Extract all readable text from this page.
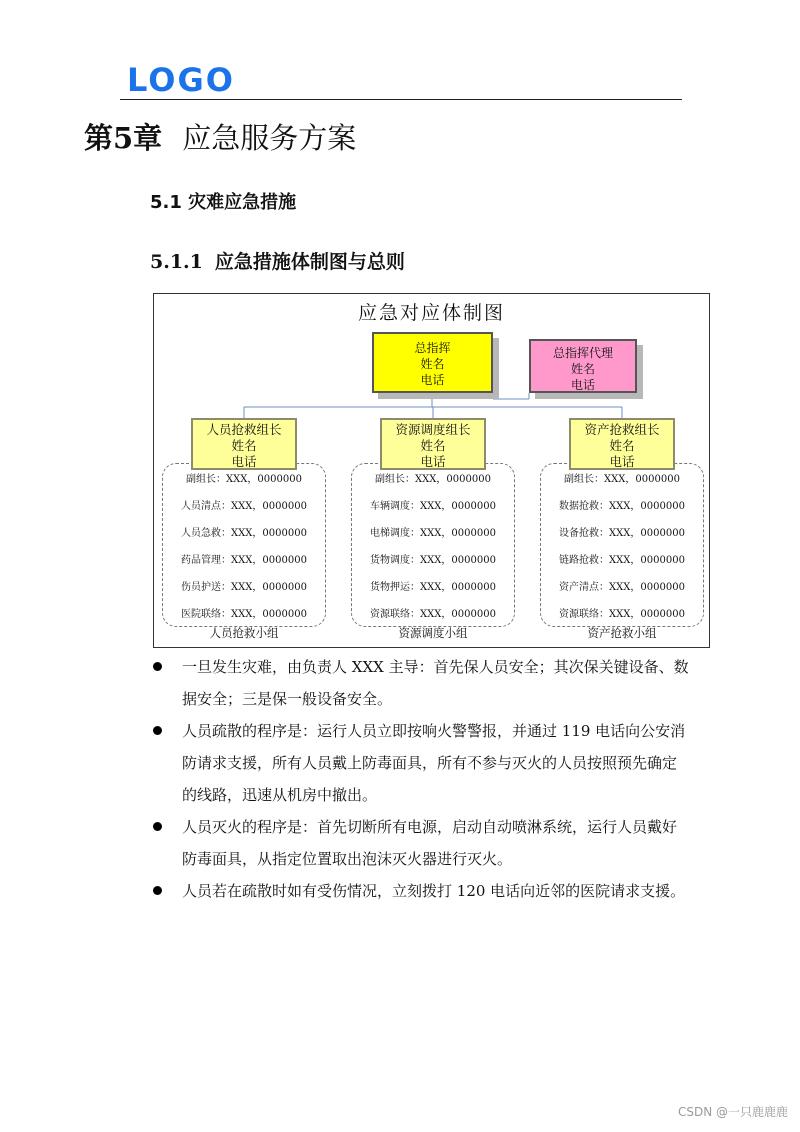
LOGO
第5章 应急服务方案
5.1 灾难应急措施
5.1.1 应急措施体制图与总则
应急对应体制图
总指挥
姓名
电话
总指挥代理
姓名
电话
人员抢救组长
姓名
电话
副组长：XXX，0000000
人员清点：XXX，0000000
人员急救：XXX，0000000
药品管理：XXX，0000000
伤员护送：XXX，0000000
医院联络：XXX，0000000
人员抢救小组
资源调度组长
姓名
电话
副组长：XXX，0000000
车辆调度：XXX，0000000
电梯调度：XXX，0000000
货物调度：XXX，0000000
货物押运：XXX，0000000
资源联络：XXX，0000000
资源调度小组
资产抢救组长
姓名
电话
副组长：XXX，0000000
数据抢救：XXX，0000000
设备抢救：XXX，0000000
链路抢救：XXX，0000000
资产清点：XXX，0000000
资源联络：XXX，0000000
资产抢救小组
一旦发生灾难，由负责人 XXX 主导：首先保人员安全；其次保关键设备、数据安全；三是保一般设备安全。
人员疏散的程序是：运行人员立即按响火警警报，并通过 119 电话向公安消防请求支援，所有人员戴上防毒面具，所有不参与灭火的人员按照预先确定的线路，迅速从机房中撤出。
人员灭火的程序是：首先切断所有电源，启动自动喷淋系统，运行人员戴好防毒面具，从指定位置取出泡沫灭火器进行灭火。
人员若在疏散时如有受伤情况，立刻拨打 120 电话向近邻的医院请求支援。
CSDN @一只鹿鹿鹿
